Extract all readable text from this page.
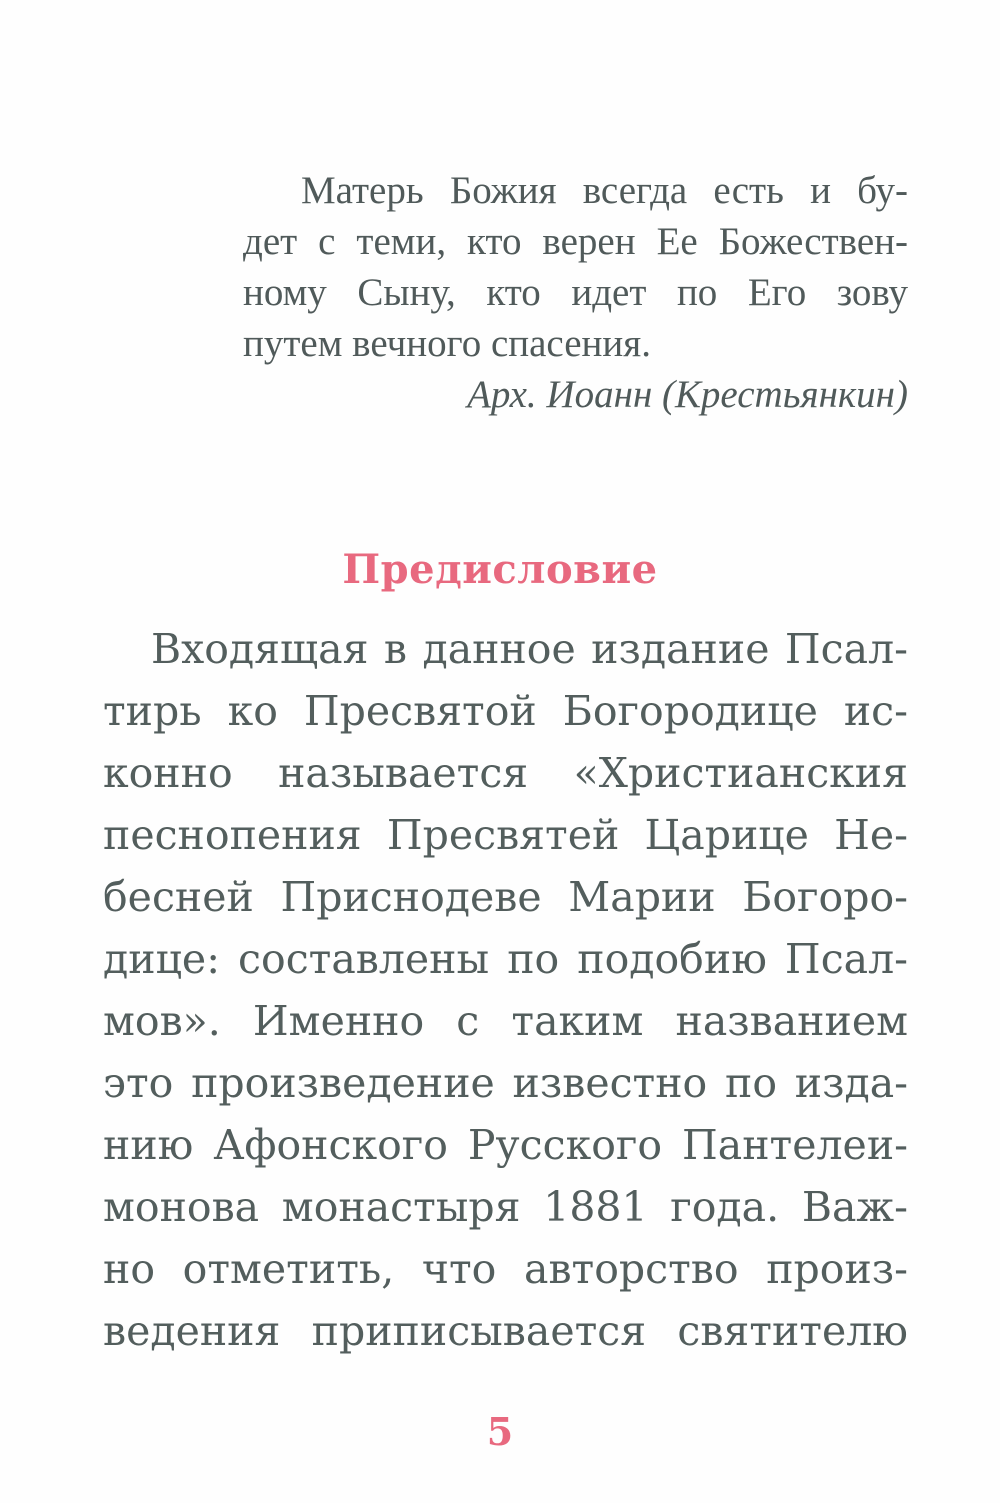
Матерь Божия всегда есть и бу-
дет с теми, кто верен Ее Божествен-
ному Сыну, кто идет по Его зову
путем вечного спасения.
Арх. Иоанн (Крестьянкин)
Предисловие
Входящая в данное издание Псал-
тирь ко Пресвятой Богородице ис-
конно называется «Христианския
песнопения Пресвятей Царице Не-
бесней Приснодеве Марии Богоро-
дице: составлены по подобию Псал-
мов». Именно с таким названием
это произведение известно по изда-
нию Афонского Русского Пантелеи-
монова монастыря 1881 года. Важ-
но отметить, что авторство произ-
ведения приписывается святителю
5
